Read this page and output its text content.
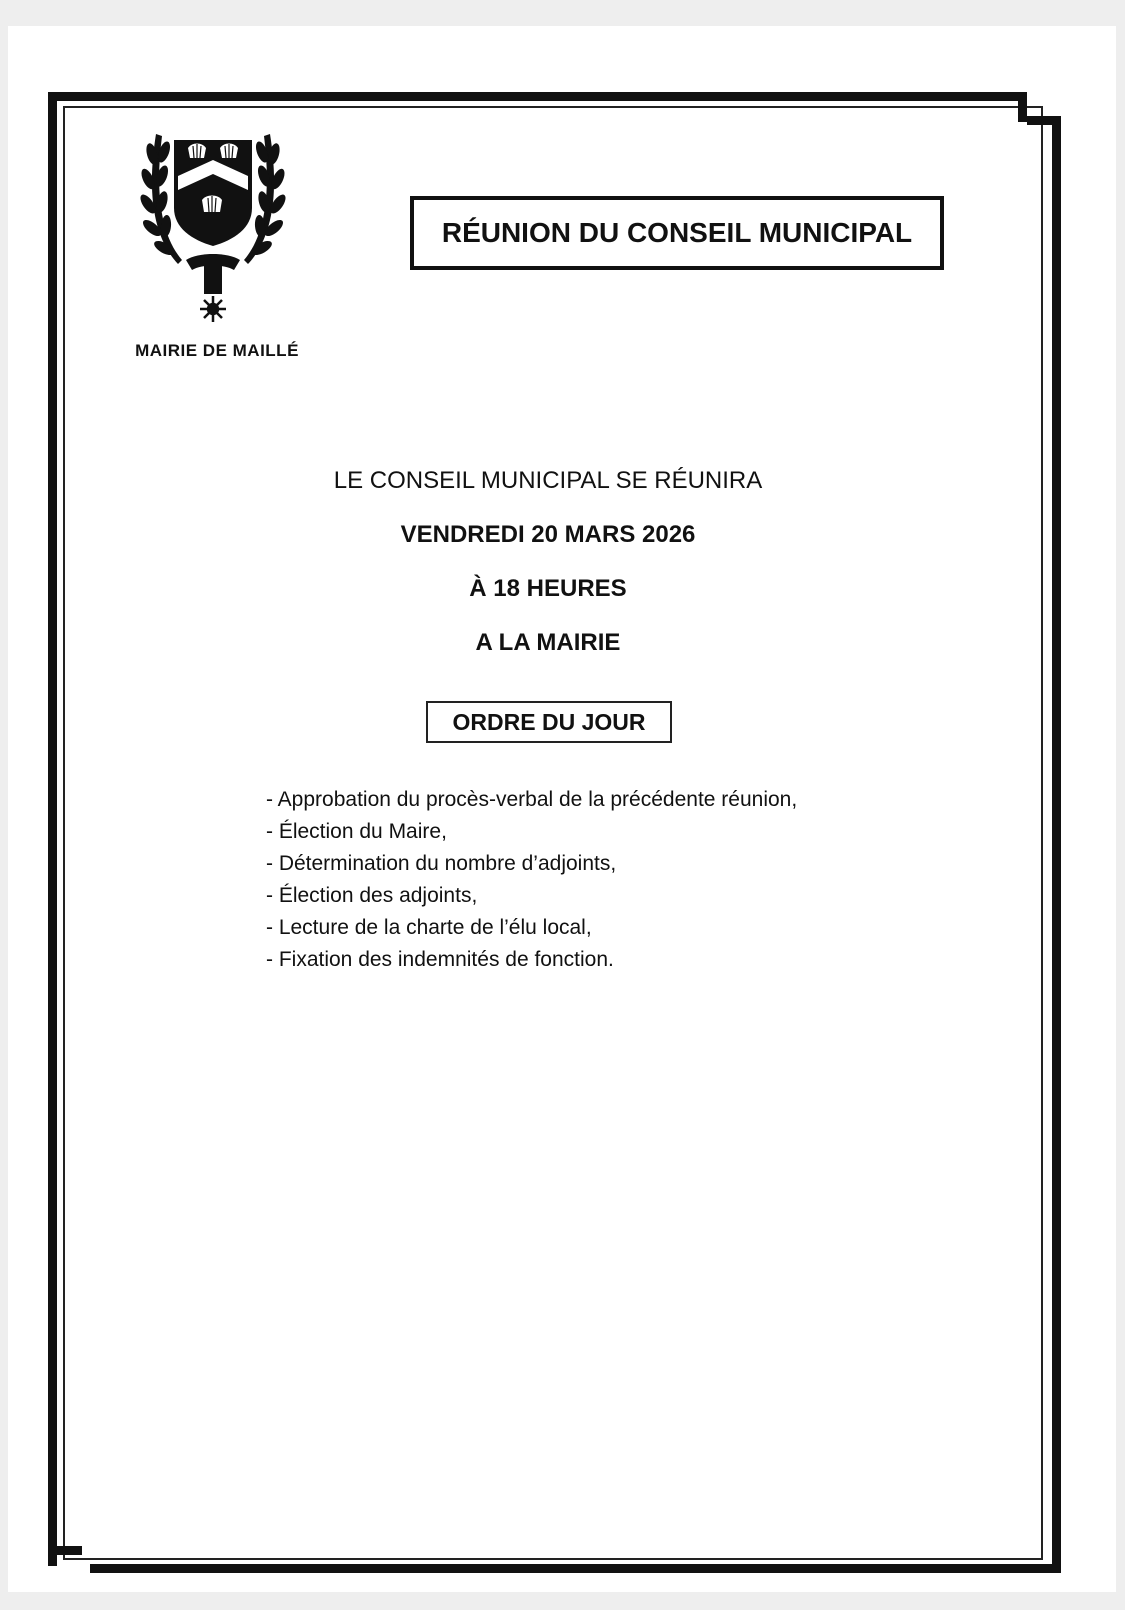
MAIRIE DE MAILLÉ
RÉUNION DU CONSEIL MUNICIPAL
LE CONSEIL MUNICIPAL SE RÉUNIRA
VENDREDI 20 MARS 2026
À 18 HEURES
A LA MAIRIE
ORDRE DU JOUR
- Approbation du procès-verbal de la précédente réunion,
- Élection du Maire,
- Détermination du nombre d’adjoints,
- Élection des adjoints,
- Lecture de la charte de l’élu local,
- Fixation des indemnités de fonction.
